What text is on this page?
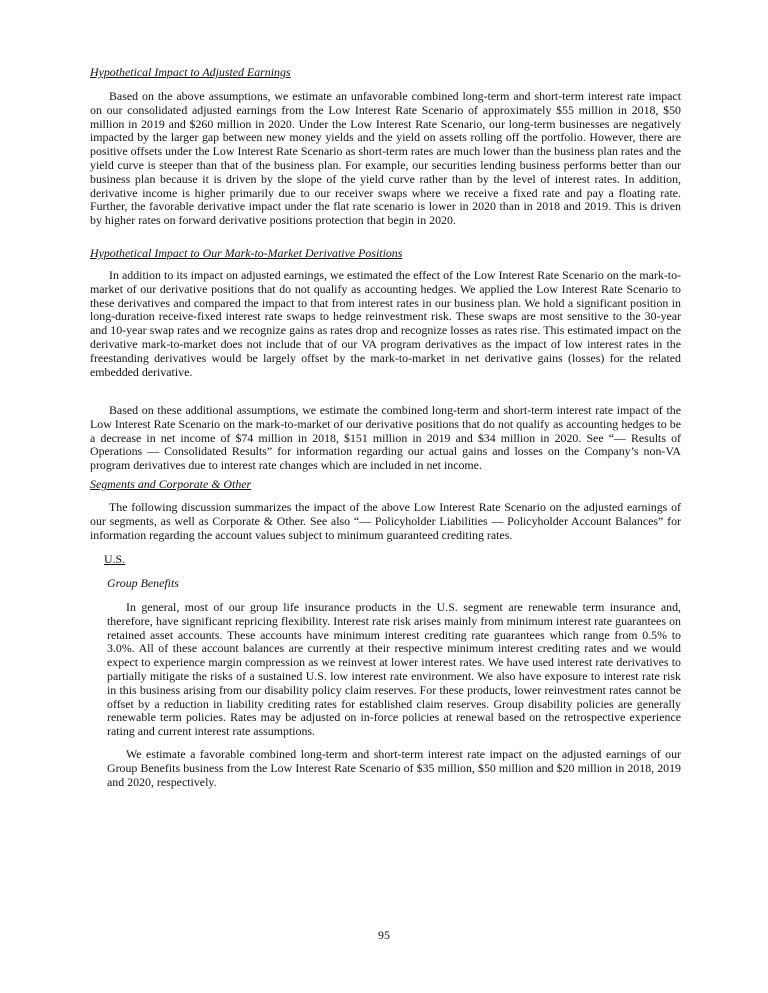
Hypothetical Impact to Adjusted Earnings

Based on the above assumptions, we estimate an unfavorable combined long-term and short-term interest rate impact on our consolidated adjusted earnings from the Low Interest Rate Scenario of approximately $55 million in 2018, $50 million in 2019 and $260 million in 2020. Under the Low Interest Rate Scenario, our long-term businesses are negatively impacted by the larger gap between new money yields and the yield on assets rolling off the portfolio. However, there are positive offsets under the Low Interest Rate Scenario as short-term rates are much lower than the business plan rates and the yield curve is steeper than that of the business plan. For example, our securities lending business performs better than our business plan because it is driven by the slope of the yield curve rather than by the level of interest rates. In addition, derivative income is higher primarily due to our receiver swaps where we receive a fixed rate and pay a floating rate. Further, the favorable derivative impact under the flat rate scenario is lower in 2020 than in 2018 and 2019. This is driven by higher rates on forward derivative positions protection that begin in 2020.

Hypothetical Impact to Our Mark-to-Market Derivative Positions

In addition to its impact on adjusted earnings, we estimated the effect of the Low Interest Rate Scenario on the mark-to-market of our derivative positions that do not qualify as accounting hedges. We applied the Low Interest Rate Scenario to these derivatives and compared the impact to that from interest rates in our business plan. We hold a significant position in long-duration receive-fixed interest rate swaps to hedge reinvestment risk. These swaps are most sensitive to the 30-year and 10-year swap rates and we recognize gains as rates drop and recognize losses as rates rise. This estimated impact on the derivative mark-to-market does not include that of our VA program derivatives as the impact of low interest rates in the freestanding derivatives would be largely offset by the mark-to-market in net derivative gains (losses) for the related embedded derivative.

Based on these additional assumptions, we estimate the combined long-term and short-term interest rate impact of the Low Interest Rate Scenario on the mark-to-market of our derivative positions that do not qualify as accounting hedges to be a decrease in net income of $74 million in 2018, $151 million in 2019 and $34 million in 2020. See “— Results of Operations — Consolidated Results” for information regarding our actual gains and losses on the Company’s non-VA program derivatives due to interest rate changes which are included in net income.

Segments and Corporate & Other

The following discussion summarizes the impact of the above Low Interest Rate Scenario on the adjusted earnings of our segments, as well as Corporate & Other. See also “— Policyholder Liabilities — Policyholder Account Balances” for information regarding the account values subject to minimum guaranteed crediting rates.

U.S.
Group Benefits

In general, most of our group life insurance products in the U.S. segment are renewable term insurance and, therefore, have significant repricing flexibility. Interest rate risk arises mainly from minimum interest rate guarantees on retained asset accounts. These accounts have minimum interest crediting rate guarantees which range from 0.5% to 3.0%. All of these account balances are currently at their respective minimum interest crediting rates and we would expect to experience margin compression as we reinvest at lower interest rates. We have used interest rate derivatives to partially mitigate the risks of a sustained U.S. low interest rate environment. We also have exposure to interest rate risk in this business arising from our disability policy claim reserves. For these products, lower reinvestment rates cannot be offset by a reduction in liability crediting rates for established claim reserves. Group disability policies are generally renewable term policies. Rates may be adjusted on in-force policies at renewal based on the retrospective experience rating and current interest rate assumptions.

We estimate a favorable combined long-term and short-term interest rate impact on the adjusted earnings of our Group Benefits business from the Low Interest Rate Scenario of $35 million, $50 million and $20 million in 2018, 2019 and 2020, respectively.

95
